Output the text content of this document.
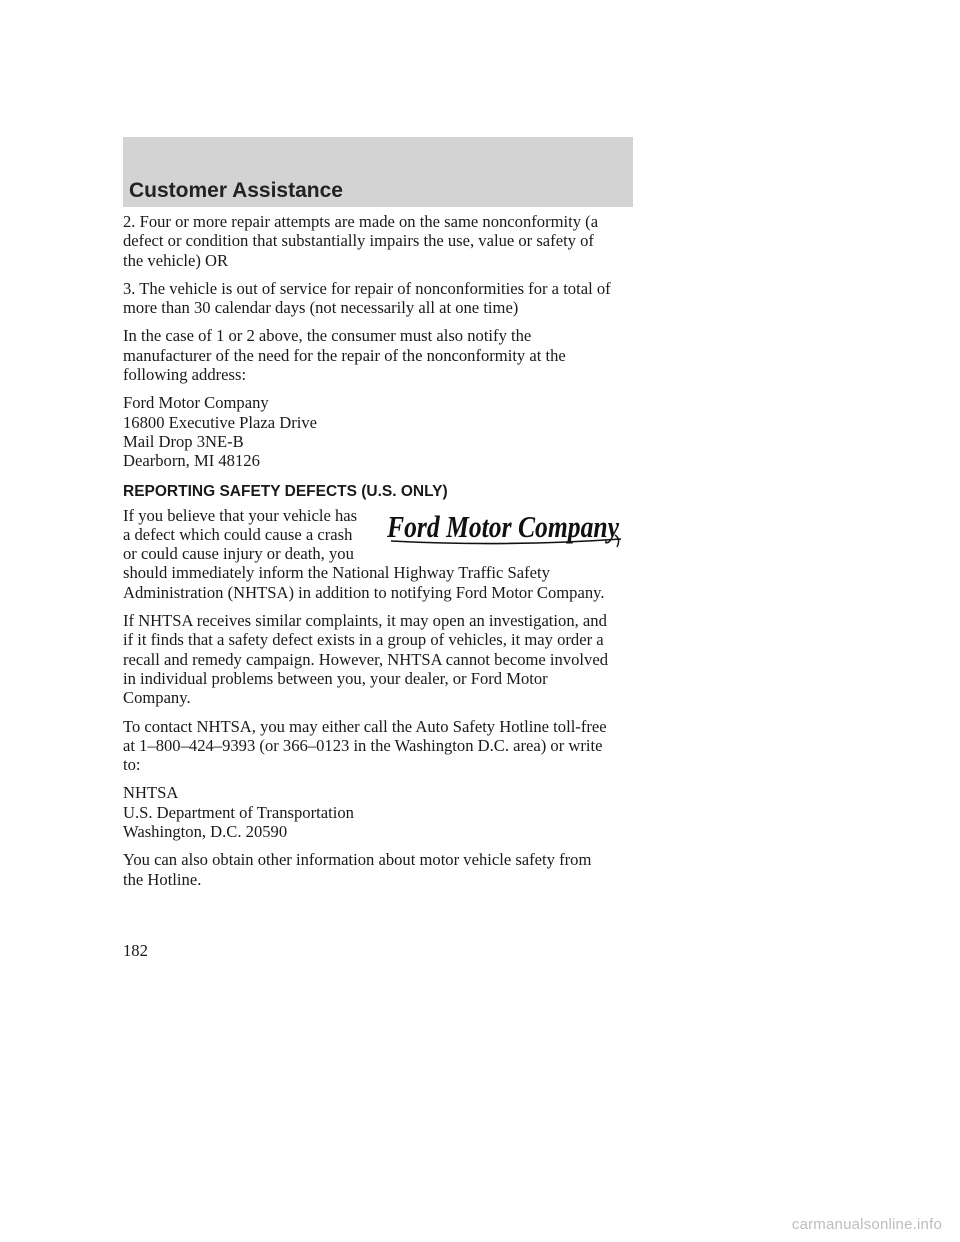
Customer Assistance

2. Four or more repair attempts are made on the same nonconformity (a
defect or condition that substantially impairs the use, value or safety of
the vehicle) OR

3. The vehicle is out of service for repair of nonconformities for a total of
more than 30 calendar days (not necessarily all at one time)

In the case of 1 or 2 above, the consumer must also notify the
manufacturer of the need for the repair of the nonconformity at the
following address:

Ford Motor Company
16800 Executive Plaza Drive
Mail Drop 3NE-B
Dearborn, MI 48126

REPORTING SAFETY DEFECTS (U.S. ONLY)
Ford Motor Company

If you believe that your vehicle has
a defect which could cause a crash
or could cause injury or death, you
should immediately inform the National Highway Traffic Safety
Administration (NHTSA) in addition to notifying Ford Motor Company.

If NHTSA receives similar complaints, it may open an investigation, and
if it finds that a safety defect exists in a group of vehicles, it may order a
recall and remedy campaign. However, NHTSA cannot become involved
in individual problems between you, your dealer, or Ford Motor
Company.

To contact NHTSA, you may either call the Auto Safety Hotline toll-free
at 1–800–424–9393 (or 366–0123 in the Washington D.C. area) or write
to:

NHTSA
U.S. Department of Transportation
Washington, D.C. 20590

You can also obtain other information about motor vehicle safety from
the Hotline.

182
carmanualsonline.info
